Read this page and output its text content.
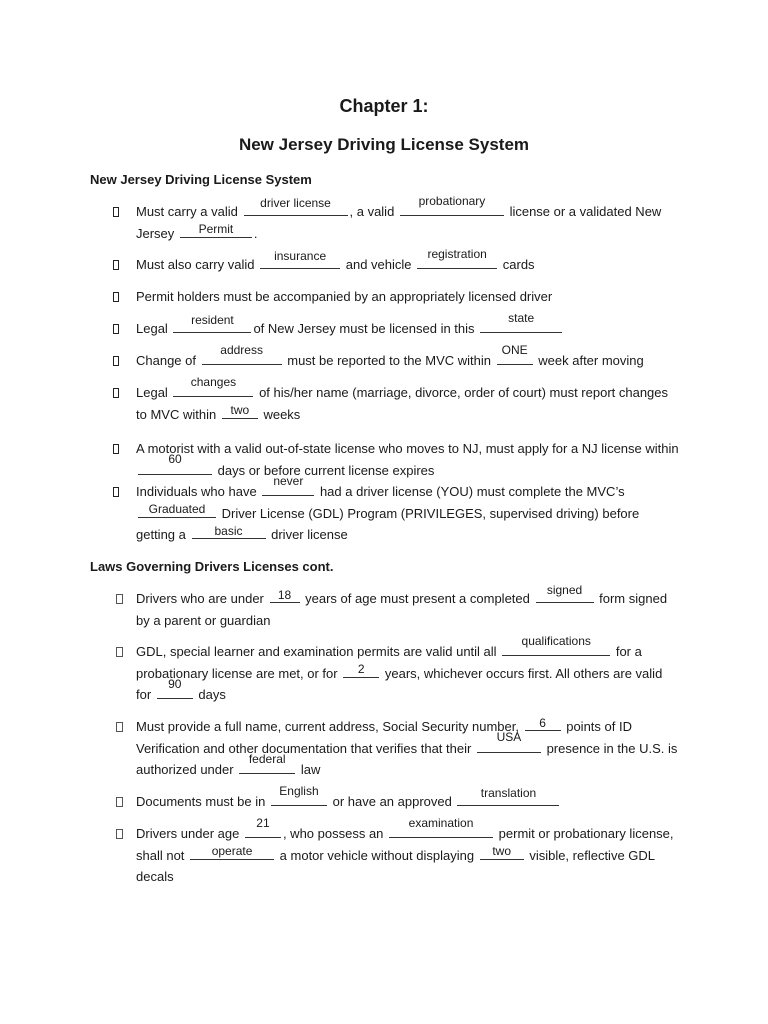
Chapter 1:
New Jersey Driving License System
New Jersey Driving License System
Must carry a valid
driver license
, a valid
probationary
license or a validated New Jersey	Permit	.
Must also carry valid
insurance
and vehicle
registration
cards
Permit holders must be accompanied by an appropriately licensed driver
Legal
resident
of New Jersey must be licensed in this
state
Change of
address
must be reported to the MVC within
ONE
week after moving
Legal
changes
of his/her name (marriage, divorce, order of court) must report changes to MVC within	two	weeks
A motorist with a valid out-of-state license who moves to NJ, must apply for a NJ license within
60
days or before current license expires
Individuals who have
never
had a driver license (YOU) must complete the MVC’s
Graduated	Driver License (GDL) Program (PRIVILEGES, supervised driving) before getting a	basic	driver license
Laws Governing Drivers Licenses cont.
Drivers who are under	18	years of age must present a completed
signed
form signed by a parent or guardian
GDL, special learner and examination permits are valid until all
qualifications
for a probationary license are met, or for	2	years, whichever occurs first. All others are valid for
90
days
Must provide a full name, current address, Social Security number,	6	points of ID Verification and other documentation that verifies that their
USA
presence in the U.S. is authorized under
federal
law
Documents must be in
English
or have an approved
translation
Drivers under age
21
, who possess an
examination
permit or probationary license, shall not	operate	a motor vehicle without displaying	two	visible, reflective GDL decals
